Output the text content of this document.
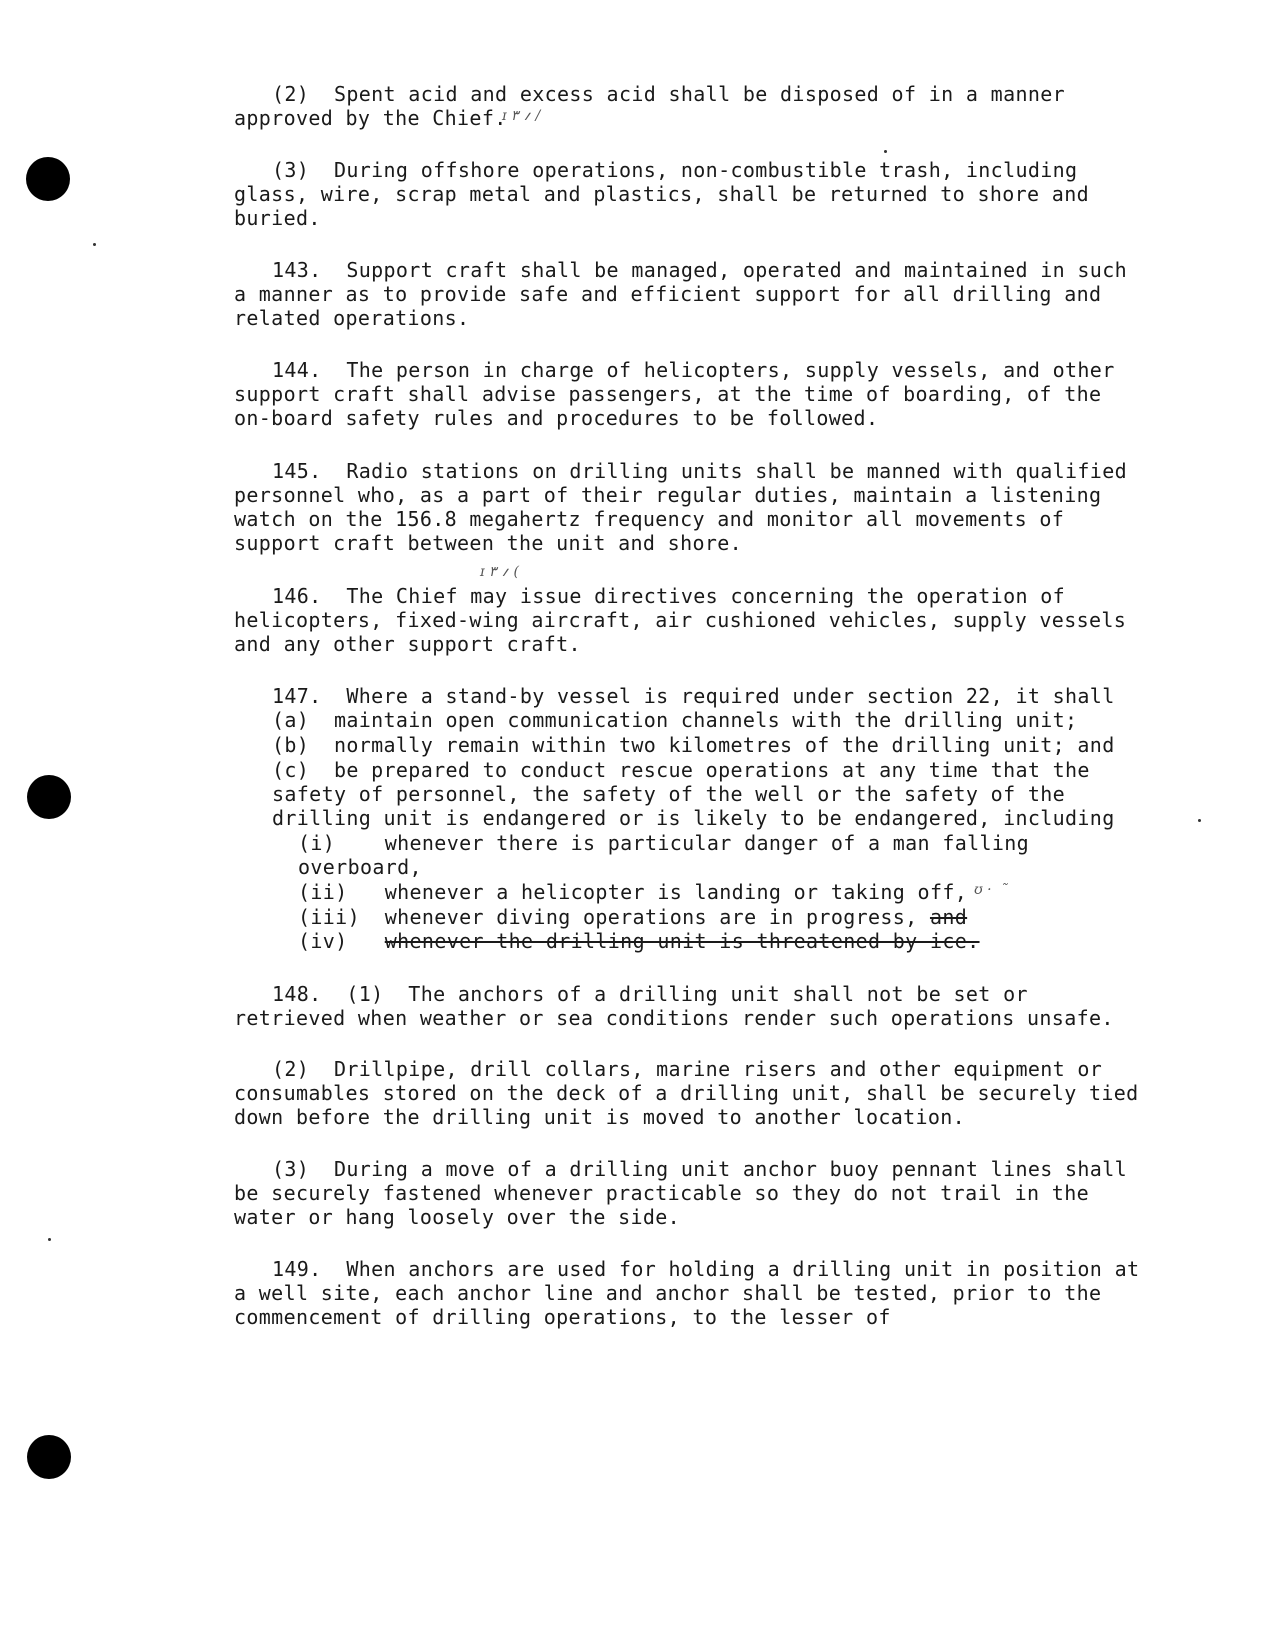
ɪ ۳ ؍ /
ɪ ۳ ؍ (
ʊ ·  ˜
(2)  Spent acid and excess acid shall be disposed of in a manner
approved by the Chief.
(3)  During offshore operations, non-combustible trash, including
glass, wire, scrap metal and plastics, shall be returned to shore and
buried.
143.  Support craft shall be managed, operated and maintained in such
a manner as to provide safe and efficient support for all drilling and
related operations.
144.  The person in charge of helicopters, supply vessels, and other
support craft shall advise passengers, at the time of boarding, of the
on-board safety rules and procedures to be followed.
145.  Radio stations on drilling units shall be manned with qualified
personnel who, as a part of their regular duties, maintain a listening
watch on the 156.8 megahertz frequency and monitor all movements of
support craft between the unit and shore.
146.  The Chief may issue directives concerning the operation of
helicopters, fixed-wing aircraft, air cushioned vehicles, supply vessels
and any other support craft.
147.  Where a stand-by vessel is required under section 22, it shall
(a)  maintain open communication channels with the drilling unit;
(b)  normally remain within two kilometres of the drilling unit; and
(c)  be prepared to conduct rescue operations at any time that the
safety of personnel, the safety of the well or the safety of the
drilling unit is endangered or is likely to be endangered, including
(i)    whenever there is particular danger of a man falling
overboard,
(ii)   whenever a helicopter is landing or taking off,
(iii)  whenever diving operations are in progress, and
(iv)   whenever the drilling unit is threatened by ice.
148.  (1)  The anchors of a drilling unit shall not be set or
retrieved when weather or sea conditions render such operations unsafe.
(2)  Drillpipe, drill collars, marine risers and other equipment or
consumables stored on the deck of a drilling unit, shall be securely tied
down before the drilling unit is moved to another location.
(3)  During a move of a drilling unit anchor buoy pennant lines shall
be securely fastened whenever practicable so they do not trail in the
water or hang loosely over the side.
149.  When anchors are used for holding a drilling unit in position at
a well site, each anchor line and anchor shall be tested, prior to the
commencement of drilling operations, to the lesser of
